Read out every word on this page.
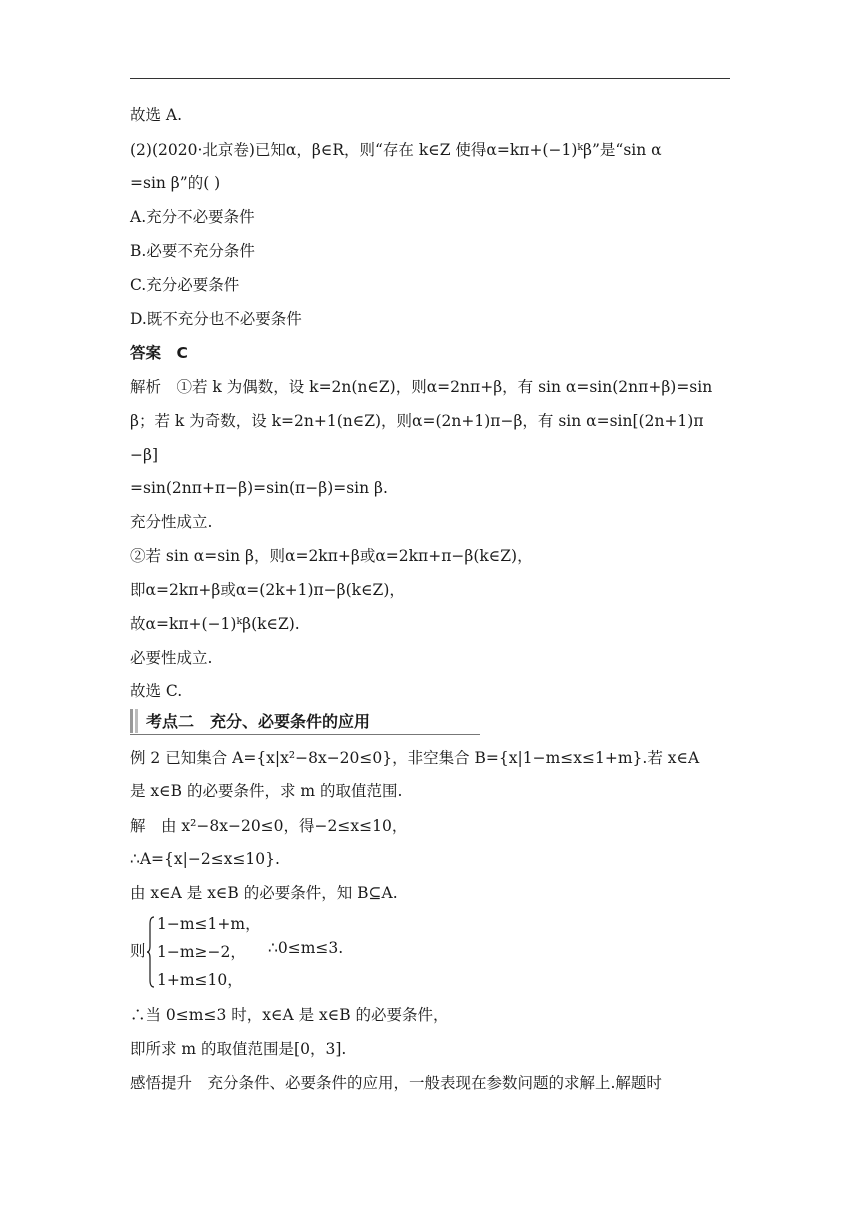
故选 A.
(2)(2020·北京卷)已知α，β∈R，则“存在 k∈Z 使得α=kπ+(−1)ᵏβ”是“sin α
=sin β”的( )
A.充分不必要条件
B.必要不充分条件
C.充分必要条件
D.既不充分也不必要条件
答案　C
解析　①若 k 为偶数，设 k=2n(n∈Z)，则α=2nπ+β，有 sin α=sin(2nπ+β)=sin
β；若 k 为奇数，设 k=2n+1(n∈Z)，则α=(2n+1)π−β，有 sin α=sin[(2n+1)π
−β]
=sin(2nπ+π−β)=sin(π−β)=sin β.
充分性成立.
②若 sin α=sin β，则α=2kπ+β或α=2kπ+π−β(k∈Z)，
即α=2kπ+β或α=(2k+1)π−β(k∈Z)，
故α=kπ+(−1)ᵏβ(k∈Z).
必要性成立.
故选 C.
考点二　充分、必要条件的应用
例 2 已知集合 A={x|x²−8x−20≤0}，非空集合 B={x|1−m≤x≤1+m}.若 x∈A
是 x∈B 的必要条件，求 m 的取值范围.
解　由 x²−8x−20≤0，得−2≤x≤10，
∴A={x|−2≤x≤10}.
由 x∈A 是 x∈B 的必要条件，知 B⊆A.
则
1−m≤1+m，
1−m≥−2，
1+m≤10，
∴0≤m≤3.
∴当 0≤m≤3 时，x∈A 是 x∈B 的必要条件，
即所求 m 的取值范围是[0，3].
感悟提升　充分条件、必要条件的应用，一般表现在参数问题的求解上.解题时
